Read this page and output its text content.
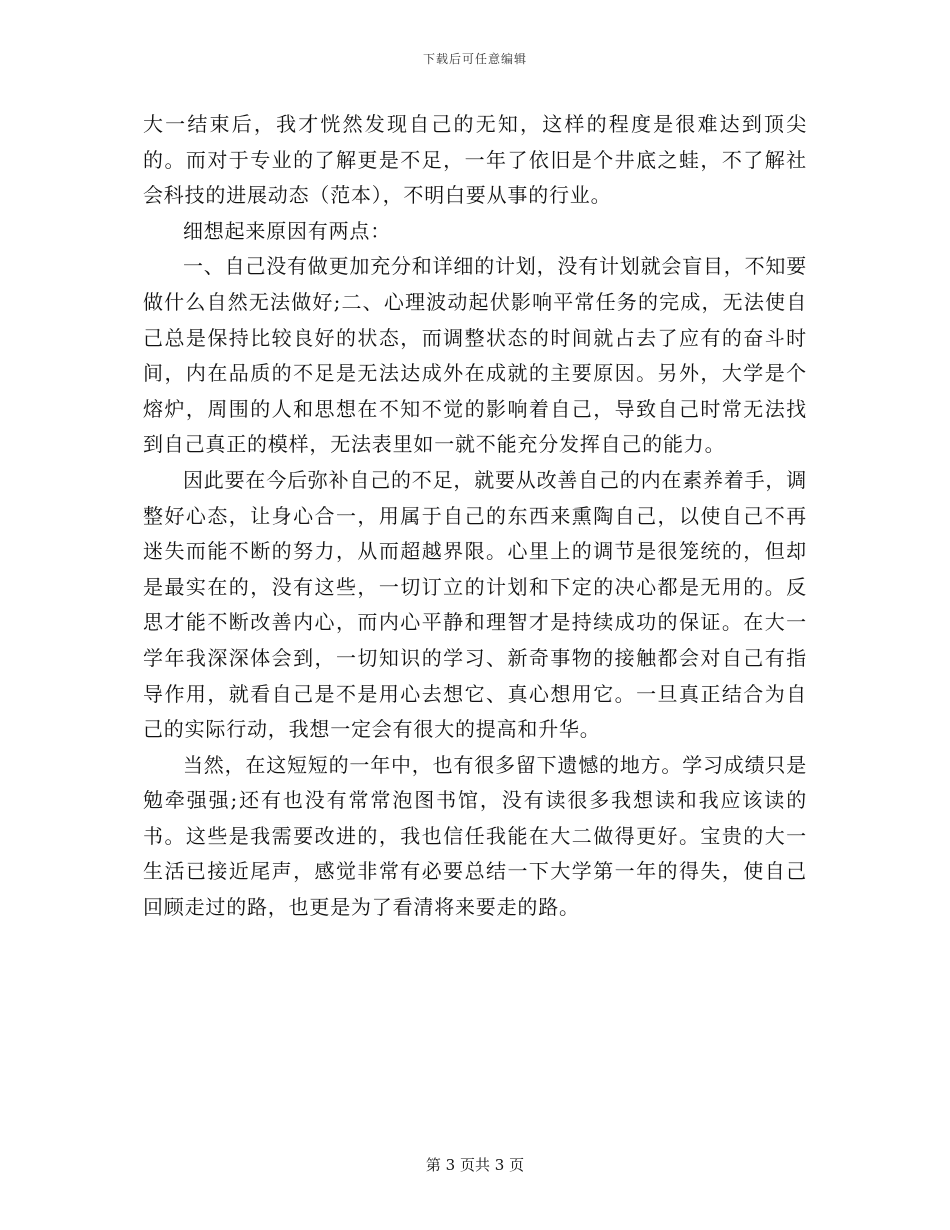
下载后可任意编辑

大一结束后，我才恍然发现自己的无知，这样的程度是很难达到顶尖的。而对于专业的了解更是不足，一年了依旧是个井底之蛙，不了解社会科技的进展动态（范本），不明白要从事的行业。

细想起来原因有两点：

一、自己没有做更加充分和详细的计划，没有计划就会盲目，不知要做什么自然无法做好;二、心理波动起伏影响平常任务的完成，无法使自己总是保持比较良好的状态，而调整状态的时间就占去了应有的奋斗时间，内在品质的不足是无法达成外在成就的主要原因。另外，大学是个熔炉，周围的人和思想在不知不觉的影响着自己，导致自己时常无法找到自己真正的模样，无法表里如一就不能充分发挥自己的能力。

因此要在今后弥补自己的不足，就要从改善自己的内在素养着手，调整好心态，让身心合一，用属于自己的东西来熏陶自己，以使自己不再迷失而能不断的努力，从而超越界限。心里上的调节是很笼统的，但却是最实在的，没有这些，一切订立的计划和下定的决心都是无用的。反思才能不断改善内心，而内心平静和理智才是持续成功的保证。在大一学年我深深体会到，一切知识的学习、新奇事物的接触都会对自己有指导作用，就看自己是不是用心去想它、真心想用它。一旦真正结合为自己的实际行动，我想一定会有很大的提高和升华。

当然，在这短短的一年中，也有很多留下遗憾的地方。学习成绩只是勉牵强强;还有也没有常常泡图书馆，没有读很多我想读和我应该读的书。这些是我需要改进的，我也信任我能在大二做得更好。宝贵的大一生活已接近尾声，感觉非常有必要总结一下大学第一年的得失，使自己回顾走过的路，也更是为了看清将来要走的路。

第 3 页共 3 页
